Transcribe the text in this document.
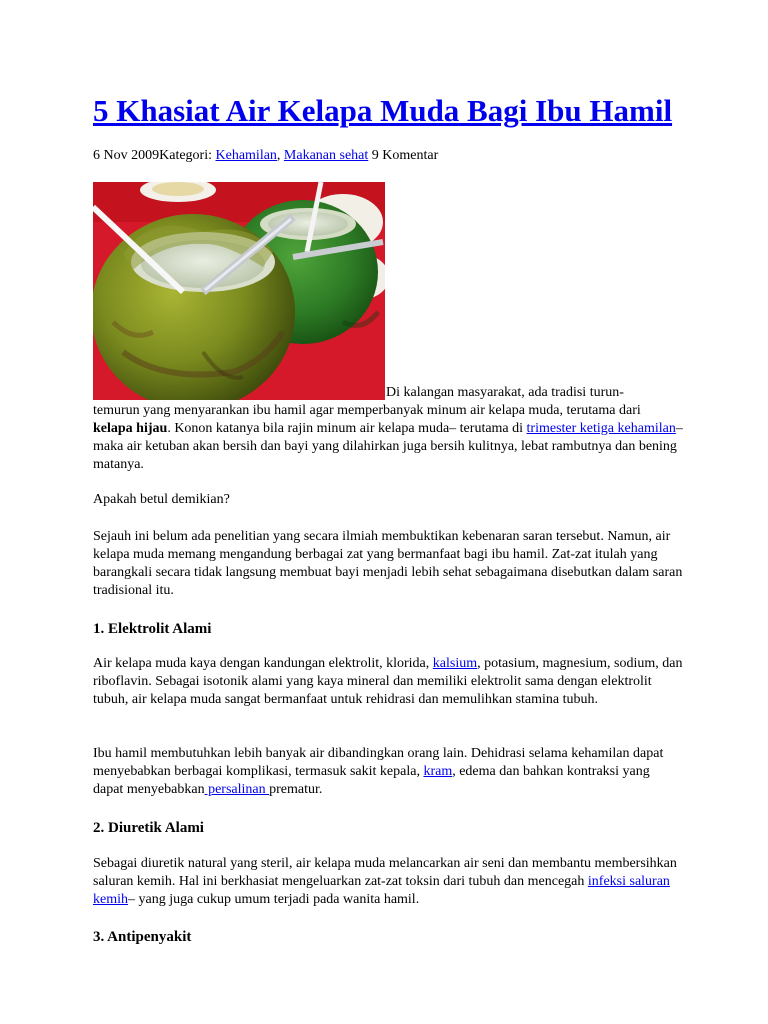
5 Khasiat Air Kelapa Muda Bagi Ibu Hamil
6 Nov 2009Kategori: Kehamilan, Makanan sehat 9 Komentar
Di kalangan masyarakat, ada tradisi turun-

temurun yang menyarankan ibu hamil agar memperbanyak minum air kelapa muda, terutama dari kelapa hijau. Konon katanya bila rajin minum air kelapa muda– terutama di trimester ketiga kehamilan–maka air ketuban akan bersih dan bayi yang dilahirkan juga bersih kulitnya, lebat rambutnya dan bening matanya.

Apakah betul demikian?

Sejauh ini belum ada penelitian yang secara ilmiah membuktikan kebenaran saran tersebut. Namun, air kelapa muda memang mengandung berbagai zat yang bermanfaat bagi ibu hamil. Zat-zat itulah yang barangkali secara tidak langsung membuat bayi menjadi lebih sehat sebagaimana disebutkan dalam saran tradisional itu.

1. Elektrolit Alami

Air kelapa muda kaya dengan kandungan elektrolit, klorida, kalsium, potasium, magnesium, sodium, dan riboflavin. Sebagai isotonik alami yang kaya mineral dan memiliki elektrolit sama dengan elektrolit tubuh, air kelapa muda sangat bermanfaat untuk rehidrasi dan memulihkan stamina tubuh.

Ibu hamil membutuhkan lebih banyak air dibandingkan orang lain. Dehidrasi selama kehamilan dapat menyebabkan berbagai komplikasi, termasuk sakit kepala, kram, edema dan bahkan kontraksi yang dapat menyebabkan persalinan prematur.

2. Diuretik Alami

Sebagai diuretik natural yang steril, air kelapa muda melancarkan air seni dan membantu membersihkan saluran kemih. Hal ini berkhasiat mengeluarkan zat-zat toksin dari tubuh dan mencegah infeksi saluran kemih– yang juga cukup umum terjadi pada wanita hamil.

3. Antipenyakit
